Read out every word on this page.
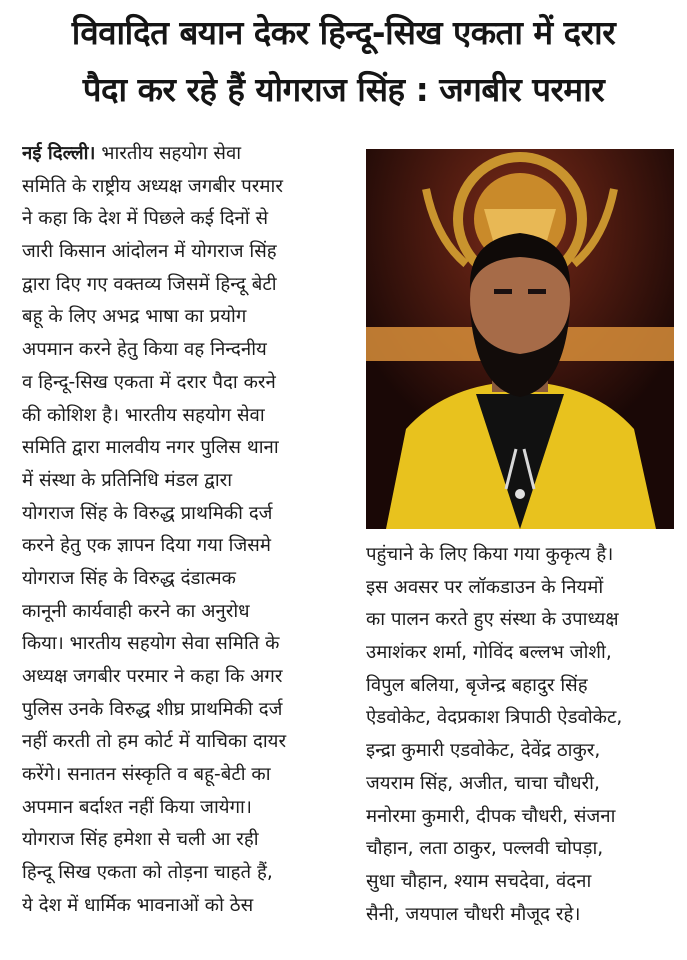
विवादित बयान देकर हिन्दू-सिख एकता में दरार
पैदा कर रहे हैं योगराज सिंह : जगबीर परमार
नई दिल्ली। भारतीय सहयोग सेवा
समिति के राष्ट्रीय अध्यक्ष जगबीर परमार
ने कहा कि देश में पिछले कई दिनों से
जारी किसान आंदोलन में योगराज सिंह
द्वारा दिए गए वक्तव्य जिसमें हिन्दू बेटी
बहू के लिए अभद्र भाषा का प्रयोग
अपमान करने हेतु किया वह निन्दनीय
व हिन्दू-सिख एकता में दरार पैदा करने
की कोशिश है। भारतीय सहयोग सेवा
समिति द्वारा मालवीय नगर पुलिस थाना
में संस्था के प्रतिनिधि मंडल द्वारा
योगराज सिंह के विरुद्ध प्राथमिकी दर्ज
करने हेतु एक ज्ञापन दिया गया जिसमे
योगराज सिंह के विरुद्ध दंडात्मक
कानूनी कार्यवाही करने का अनुरोध
किया। भारतीय सहयोग सेवा समिति के
अध्यक्ष जगबीर परमार ने कहा कि अगर
पुलिस उनके विरुद्ध शीघ्र प्राथमिकी दर्ज
नहीं करती तो हम कोर्ट में याचिका दायर
करेंगे। सनातन संस्कृति व बहू-बेटी का
अपमान बर्दाश्त नहीं किया जायेगा।
योगराज सिंह हमेशा से चली आ रही
हिन्दू सिख एकता को तोड़ना चाहते हैं,
ये देश में धार्मिक भावनाओं को ठेस
पहुंचाने के लिए किया गया कुकृत्य है।
इस अवसर पर लॉकडाउन के नियमों
का पालन करते हुए संस्था के उपाध्यक्ष
उमाशंकर शर्मा, गोविंद बल्लभ जोशी,
विपुल बलिया, बृजेन्द्र बहादुर सिंह
ऐडवोकेट, वेदप्रकाश त्रिपाठी ऐडवोकेट,
इन्द्रा कुमारी एडवोकेट, देवेंद्र ठाकुर,
जयराम सिंह, अजीत, चाचा चौधरी,
मनोरमा कुमारी, दीपक चौधरी, संजना
चौहान, लता ठाकुर, पल्लवी चोपड़ा,
सुधा चौहान, श्याम सचदेवा, वंदना
सैनी, जयपाल चौधरी मौजूद रहे।
